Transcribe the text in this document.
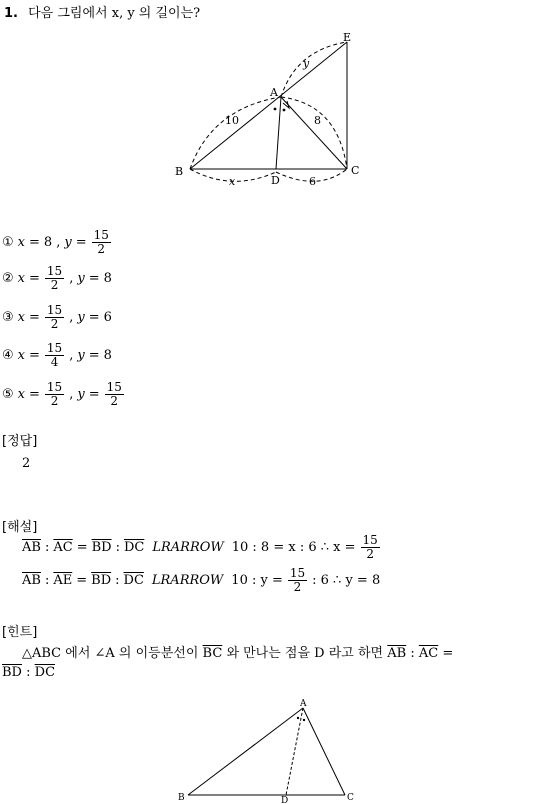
1. 다음 그림에서 x, y 의 길이는?
E
A
B	C
D
10	8
x	6
y
① x = 8 , $y = \frac{15}{2}$
② $x = \frac{15}{2}$ , y = 8
③ $x = \frac{15}{2}$ , y = 6
④ $x = \frac{15}{4}$ , y = 8
⑤ $x = \frac{15}{2}$ , $y = \frac{15}{2}$
[정답]
2
[해설]
$\overline{AB}$ : $\overline{AC} = \overline{BD}$ : $\overline{DC}$ LRARROW 10 : 8 = x : 6 ∴ $x = \frac{15}{2}$
$\overline{AB}$ : $\overline{AE} = \overline{BD}$ : $\overline{DC}$ LRARROW 10 : $y = \frac{15}{2}$ : 6 ∴ y = 8
[힌트]
△ABC 에서 ∠A 의 이등분선이 $\overline{BC}$ 와 만나는 점을 D 라고 하면 $\overline{AB}$ : $\overline{AC}$ =
$\overline{BD}$ : $\overline{DC}$
A
B	C
D
